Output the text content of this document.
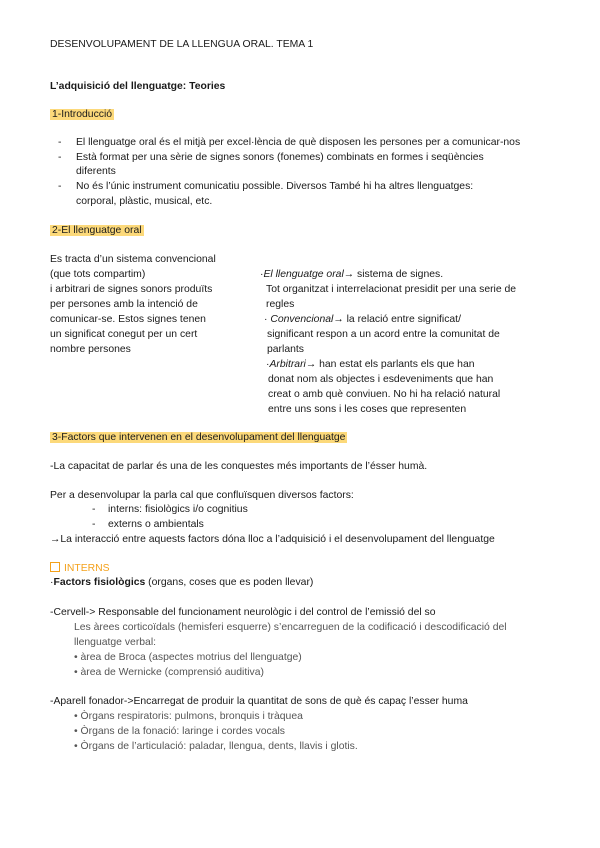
DESENVOLUPAMENT DE LA LLENGUA ORAL. TEMA 1
L’adquisició del llenguatge: Teories
1-Introducció
- El llenguatge oral és el mitjà per excel·lència de què disposen les persones per a comunicar-nos
- Està format per una sèrie de signes sonors (fonemes) combinats en formes i seqüències
diferents
- No és l’únic instrument comunicatiu possible. Diversos També hi ha altres llenguatges:
corporal, plàstic, musical, etc.
2-El llenguatge oral
Es tracta d’un sistema convencional
(que tots compartim)
i arbitrari de signes sonors produïts
per persones amb la intenció de
comunicar-se. Estos signes tenen
un significat conegut per un cert
nombre persones
·El llenguatge oral→ sistema de signes.
Tot organitzat i interrelacionat presidit per una serie de
regles
· Convencional→ la relació entre significat/
significant respon a un acord entre la comunitat de
parlants
·Arbitrari→ han estat els parlants els que han
donat nom als objectes i esdeveniments que han
creat o amb què conviuen. No hi ha relació natural
entre uns sons i les coses que representen
3-Factors que intervenen en el desenvolupament del llenguatge
-La capacitat de parlar és una de les conquestes més importants de l’ésser humà.
Per a desenvolupar la parla cal que confluïsquen diversos factors:
- interns: fisiològics i/o cognitius
- externs o ambientals
→La interacció entre aquests factors dóna lloc a l’adquisició i el desenvolupament del llenguatge
INTERNS
·Factors fisiològics (organs, coses que es poden llevar)
-Cervell-> Responsable del funcionament neurològic i del control de l’emissió del so
Les àrees corticoïdals (hemisferi esquerre) s’encarreguen de la codificació i descodificació del
llenguatge verbal:
• àrea de Broca (aspectes motrius del llenguatge)
• àrea de Wernicke (comprensió auditiva)
-Aparell fonador->Encarregat de produir la quantitat de sons de què és capaç l’esser huma
• Òrgans respiratoris: pulmons, bronquis i tràquea
• Òrgans de la fonació: laringe i cordes vocals
• Òrgans de l’articulació: paladar, llengua, dents, llavis i glotis.
